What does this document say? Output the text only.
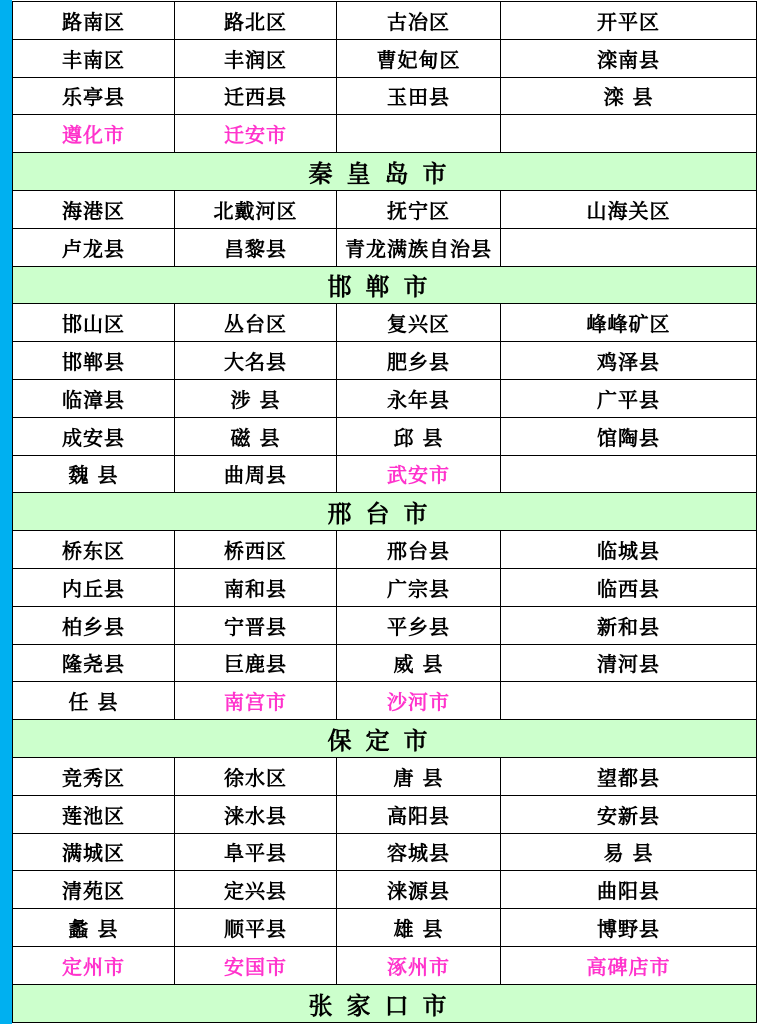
路南区	路北区	古冶区	开平区
丰南区	丰润区	曹妃甸区	滦南县
乐亭县	迁西县	玉田县	滦 县
遵化市	迁安市		
秦皇岛市			
海港区	北戴河区	抚宁区	山海关区
卢龙县	昌黎县	青龙满族自治县	
邯郸市			
邯山区	丛台区	复兴区	峰峰矿区
邯郸县	大名县	肥乡县	鸡泽县
临漳县	涉 县	永年县	广平县
成安县	磁 县	邱 县	馆陶县
魏 县	曲周县	武安市	
邢台市			
桥东区	桥西区	邢台县	临城县
内丘县	南和县	广宗县	临西县
柏乡县	宁晋县	平乡县	新和县
隆尧县	巨鹿县	威 县	清河县
任 县	南宫市	沙河市	
保定市			
竞秀区	徐水区	唐 县	望都县
莲池区	涞水县	高阳县	安新县
满城区	阜平县	容城县	易 县
清苑区	定兴县	涞源县	曲阳县
蠡 县	顺平县	雄 县	博野县
定州市	安国市	涿州市	高碑店市
张家口市			
